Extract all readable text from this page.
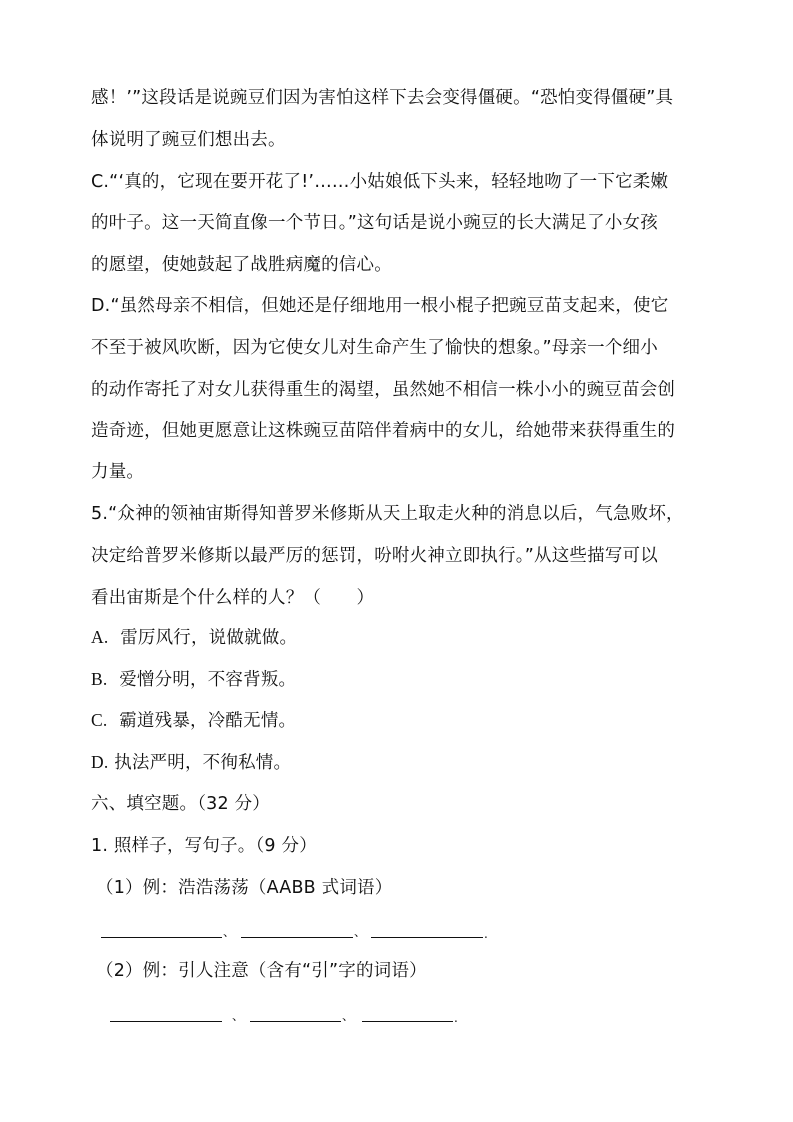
感！’”这段话是说豌豆们因为害怕这样下去会变得僵硬。“恐怕变得僵硬”具
体说明了豌豆们想出去。
C.“‘真的，它现在要开花了!’……小姑娘低下头来，轻轻地吻了一下它柔嫩
的叶子。这一天简直像一个节日。”这句话是说小豌豆的长大满足了小女孩
的愿望，使她鼓起了战胜病魔的信心。
D.“虽然母亲不相信，但她还是仔细地用一根小棍子把豌豆苗支起来，使它
不至于被风吹断，因为它使女儿对生命产生了愉快的想象。”母亲一个细小
的动作寄托了对女儿获得重生的渴望，虽然她不相信一株小小的豌豆苗会创
造奇迹，但她更愿意让这株豌豆苗陪伴着病中的女儿，给她带来获得重生的
力量。
5.“众神的领袖宙斯得知普罗米修斯从天上取走火种的消息以后，气急败坏，
决定给普罗米修斯以最严厉的惩罚，吩咐火神立即执行。”从这些描写可以
看出宙斯是个什么样的人？（　　）
A. 雷厉风行，说做就做。
B. 爱憎分明，不容背叛。
C. 霸道残暴，冷酷无情。
D. 执法严明，不徇私情。
六、填空题。（32 分）
1. 照样子，写句子。（9 分）
（1）例：浩浩荡荡（AABB 式词语）
、	、	.
（2）例：引人注意（含有“引”字的词语）
、	、	.
